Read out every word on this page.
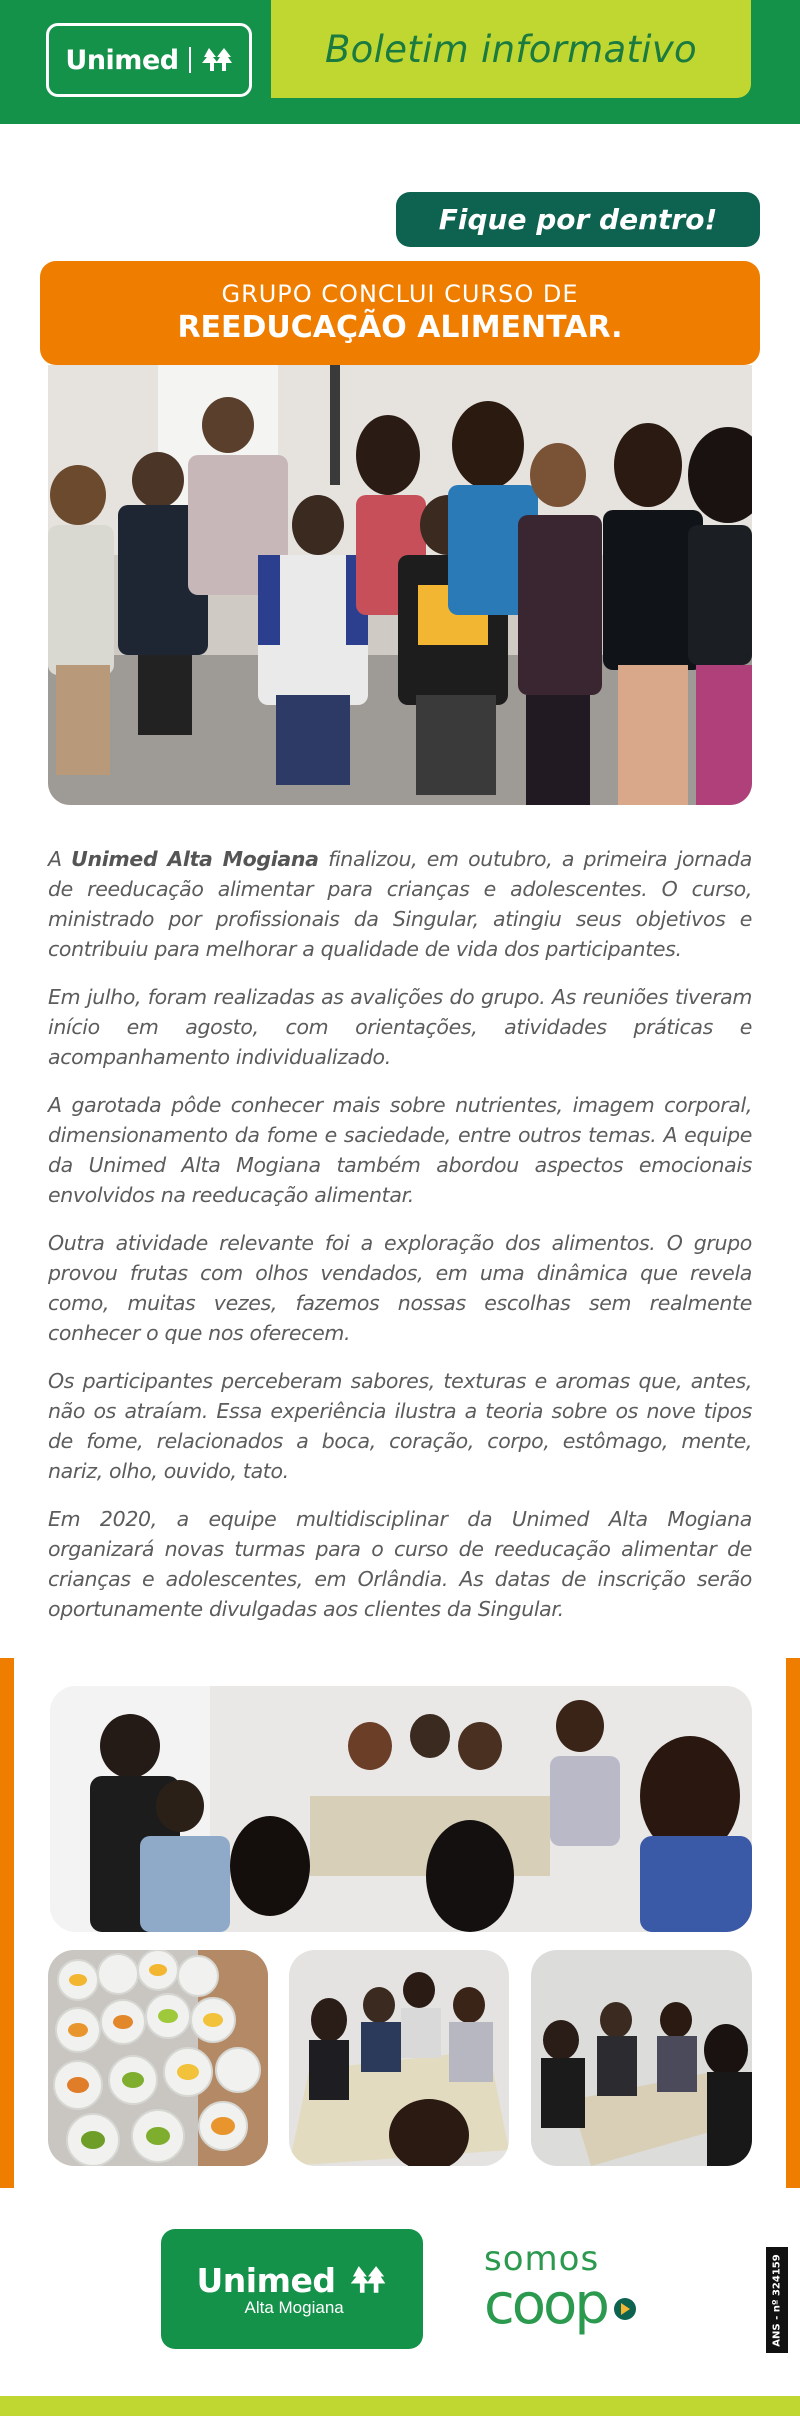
Unimed	Boletim informativo
Fique por dentro!
GRUPO CONCLUI CURSO DE
REEDUCAÇÃO ALIMENTAR.

A Unimed Alta Mogiana finalizou, em outubro, a primeira jornada de reeducação alimentar para crianças e adolescentes. O curso, ministrado por profissionais da Singular, atingiu seus objetivos e contribuiu para melhorar a qualidade de vida dos participantes.

Em julho, foram realizadas as avalições do grupo. As reuniões tiveram início em agosto, com orientações, atividades práticas e acompanhamento individualizado.

A garotada pôde conhecer mais sobre nutrientes, imagem corporal, dimensionamento da fome e saciedade, entre outros temas. A equipe da Unimed Alta Mogiana também abordou aspectos emocionais envolvidos na reeducação alimentar.

Outra atividade relevante foi a exploração dos alimentos. O grupo provou frutas com olhos vendados, em uma dinâmica que revela como, muitas vezes, fazemos nossas escolhas sem realmente conhecer o que nos oferecem.

Os participantes perceberam sabores, texturas e aromas que, antes, não os atraíam. Essa experiência ilustra a teoria sobre os nove tipos de fome, relacionados a boca, coração, corpo, estômago, mente, nariz, olho, ouvido, tato.

Em 2020, a equipe multidisciplinar da Unimed Alta Mogiana organizará novas turmas para o curso de reeducação alimentar de crianças e adolescentes, em Orlândia. As datas de inscrição serão oportunamente divulgadas aos clientes da Singular.

Unimed
Alta Mogiana
somos
coop	ANS - nº 324159
